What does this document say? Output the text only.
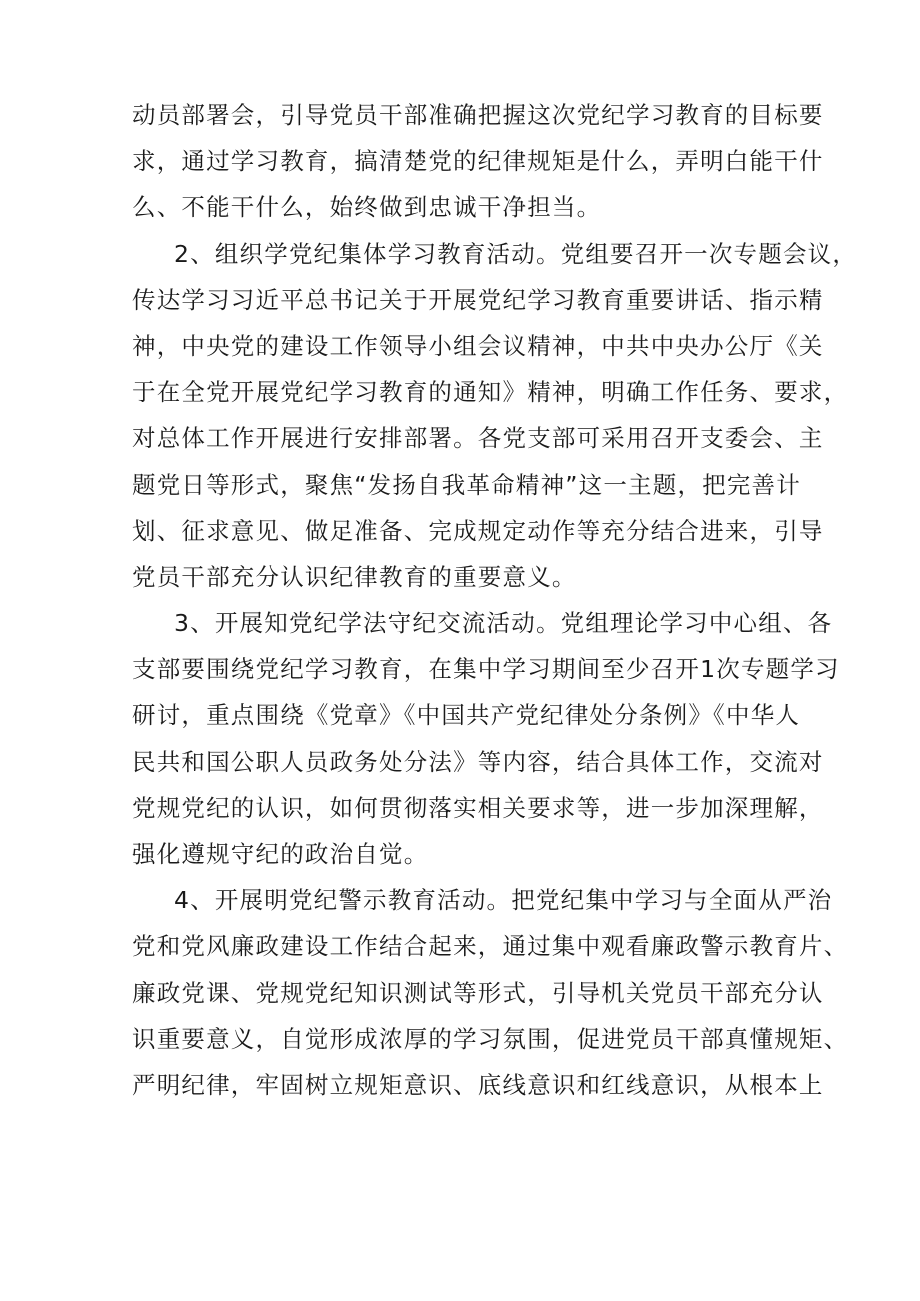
动员部署会，引导党员干部准确把握这次党纪学习教育的目标要
求，通过学习教育，搞清楚党的纪律规矩是什么，弄明白能干什
么、不能干什么，始终做到忠诚干净担当。
2、组织学党纪集体学习教育活动。党组要召开一次专题会议，
传达学习习近平总书记关于开展党纪学习教育重要讲话、指示精
神，中央党的建设工作领导小组会议精神，中共中央办公厅《关
于在全党开展党纪学习教育的通知》精神，明确工作任务、要求，
对总体工作开展进行安排部署。各党支部可采用召开支委会、主
题党日等形式，聚焦“发扬自我革命精神”这一主题，把完善计
划、征求意见、做足准备、完成规定动作等充分结合进来，引导
党员干部充分认识纪律教育的重要意义。
3、开展知党纪学法守纪交流活动。党组理论学习中心组、各
支部要围绕党纪学习教育，在集中学习期间至少召开1次专题学习
研讨，重点围绕《党章》《中国共产党纪律处分条例》《中华人
民共和国公职人员政务处分法》等内容，结合具体工作，交流对
党规党纪的认识，如何贯彻落实相关要求等，进一步加深理解，
强化遵规守纪的政治自觉。
4、开展明党纪警示教育活动。把党纪集中学习与全面从严治
党和党风廉政建设工作结合起来，通过集中观看廉政警示教育片、
廉政党课、党规党纪知识测试等形式，引导机关党员干部充分认
识重要意义，自觉形成浓厚的学习氛围，促进党员干部真懂规矩、
严明纪律，牢固树立规矩意识、底线意识和红线意识，从根本上
